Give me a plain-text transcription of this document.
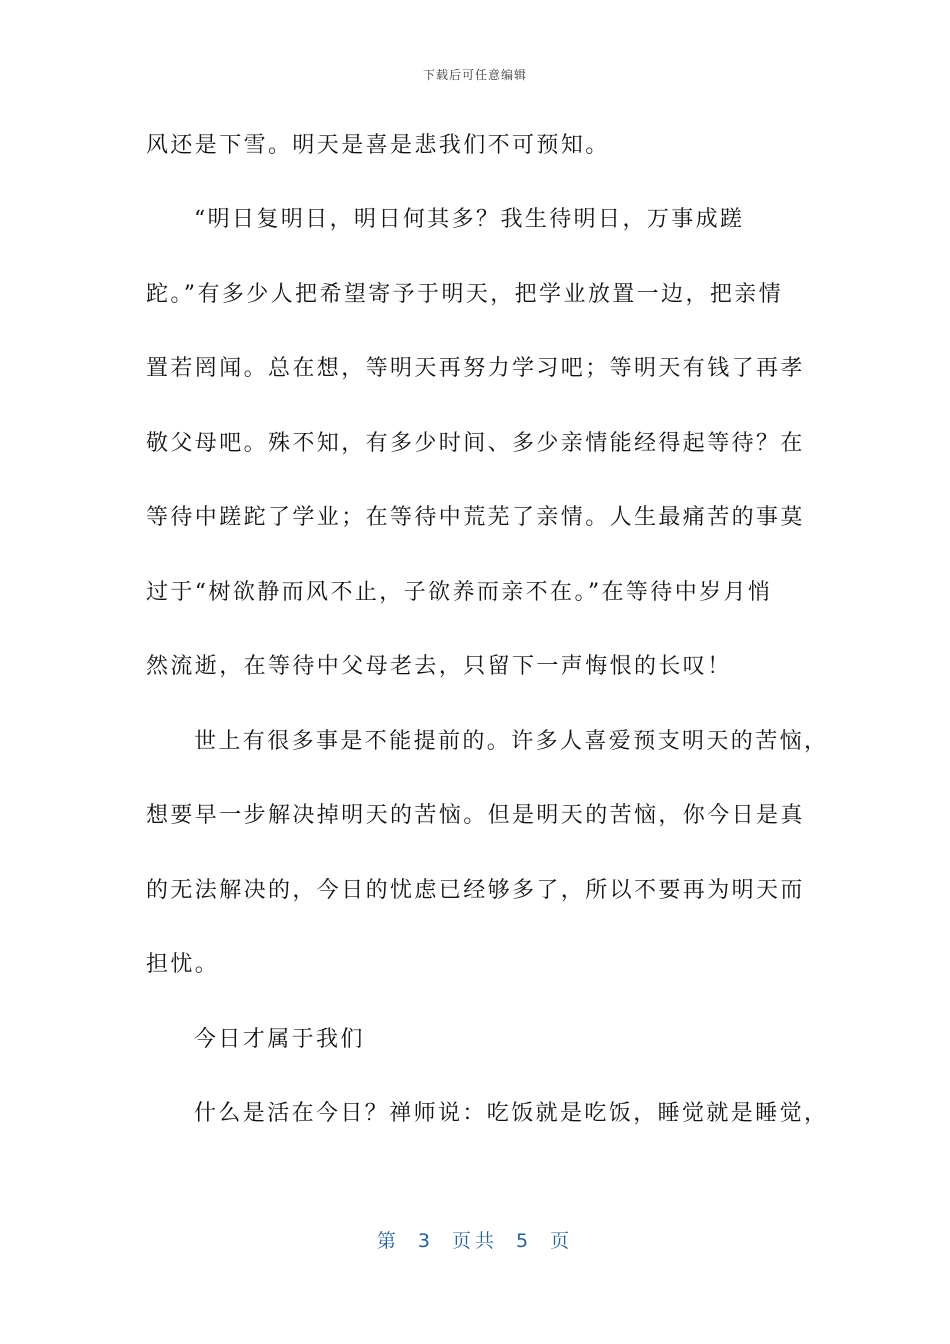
下载后可任意编辑
风还是下雪。明天是喜是悲我们不可预知。
“明日复明日，明日何其多？我生待明日，万事成蹉
跎。”有多少人把希望寄予于明天，把学业放置一边，把亲情
置若罔闻。总在想，等明天再努力学习吧；等明天有钱了再孝
敬父母吧。殊不知，有多少时间、多少亲情能经得起等待？在
等待中蹉跎了学业；在等待中荒芜了亲情。人生最痛苦的事莫
过于“树欲静而风不止，子欲养而亲不在。”在等待中岁月悄
然流逝，在等待中父母老去，只留下一声悔恨的长叹！
世上有很多事是不能提前的。许多人喜爱预支明天的苦恼，
想要早一步解决掉明天的苦恼。但是明天的苦恼，你今日是真
的无法解决的，今日的忧虑已经够多了，所以不要再为明天而
担忧。
今日才属于我们
什么是活在今日？禅师说：吃饭就是吃饭，睡觉就是睡觉，
第 3 页共 5 页
